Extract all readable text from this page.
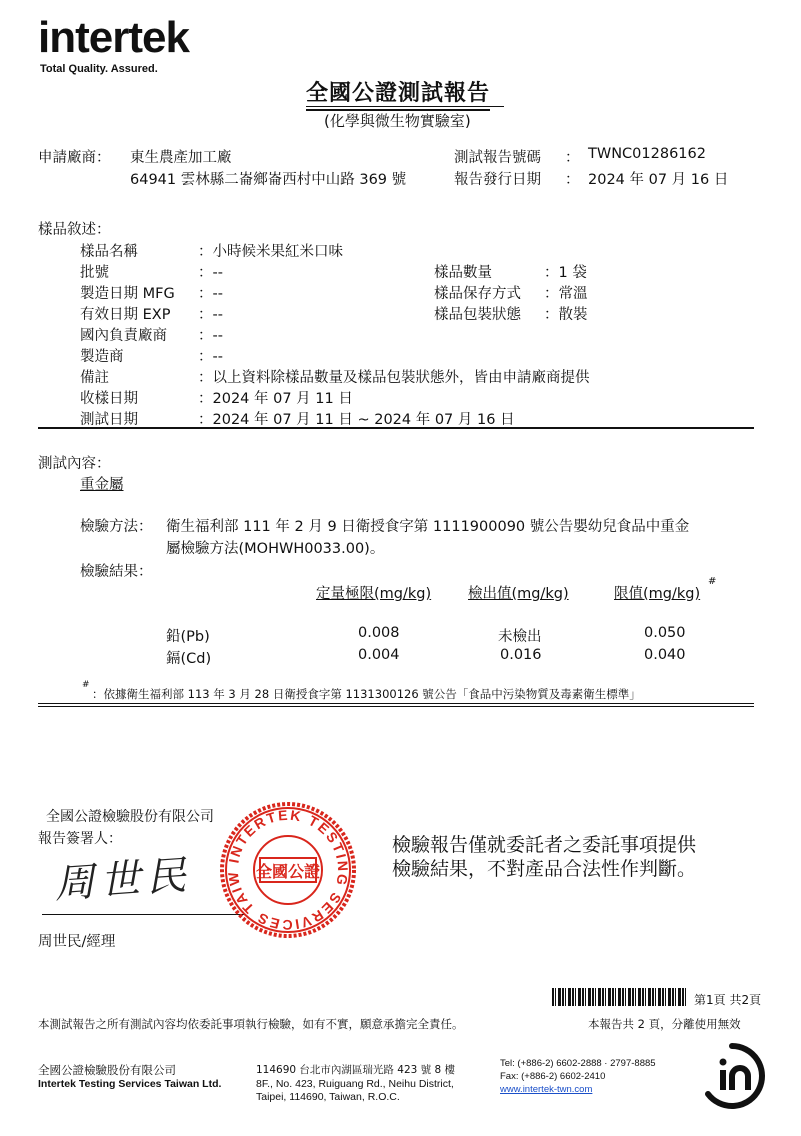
intertek
Total Quality. Assured.
全國公證測試報告
(化學與微生物實驗室)
申請廠商： 東生農產加工廠
64941 雲林縣二崙鄉崙西村中山路 369 號
測試報告號碼 ： TWNC01286162
報告發行日期 ： 2024 年 07 月 16 日
樣品敘述：
樣品名稱	：小時候米果紅米口味
批號	：--
製造日期 MFG ：--
有效日期 EXP ：--
國內負責廠商 ：--
製造商	：--
備註	：以上資料除樣品數量及樣品包裝狀態外，皆由申請廠商提供
收樣日期	：2024 年 07 月 11 日
測試日期	：2024 年 07 月 11 日 ~ 2024 年 07 月 16 日
樣品數量	：1 袋
樣品保存方式 ：常溫
樣品包裝狀態 ：散裝
測試內容：
重金屬
檢驗方法： 衛生福利部 111 年 2 月 9 日衛授食字第 1111900090 號公告嬰幼兒食品中重金
屬檢驗方法(MOHWH0033.00)。
檢驗結果：
定量極限(mg/kg)	檢出值(mg/kg)	限值(mg/kg)
#
鉛(Pb)	0.008	未檢出	0.050
鎘(Cd)	0.004	0.016	0.040
#
：依據衛生福利部 113 年 3 月 28 日衛授食字第 1131300126 號公告「食品中污染物質及毒素衛生標準」
全國公證檢驗股份有限公司
報告簽署人：
周世民
周世民/經理
INTERTEK TESTING SERVICES TAIW 全國公證
檢驗報告僅就委託者之委託事項提供
檢驗結果，不對產品合法性作判斷。
第1頁 共2頁
本測試報告之所有測試內容均依委託事項執行檢驗，如有不實，願意承擔完全責任。	本報告共 2 頁，分離使用無效
全國公證檢驗股份有限公司
Intertek Testing Services Taiwan Ltd.
114690 台北市內湖區瑞光路 423 號 8 樓
8F., No. 423, Ruiguang Rd., Neihu District,
Taipei, 114690, Taiwan, R.O.C.
Tel: (+886-2) 6602-2888 · 2797-8885
Fax: (+886-2) 6602-2410
www.intertek-twn.com
